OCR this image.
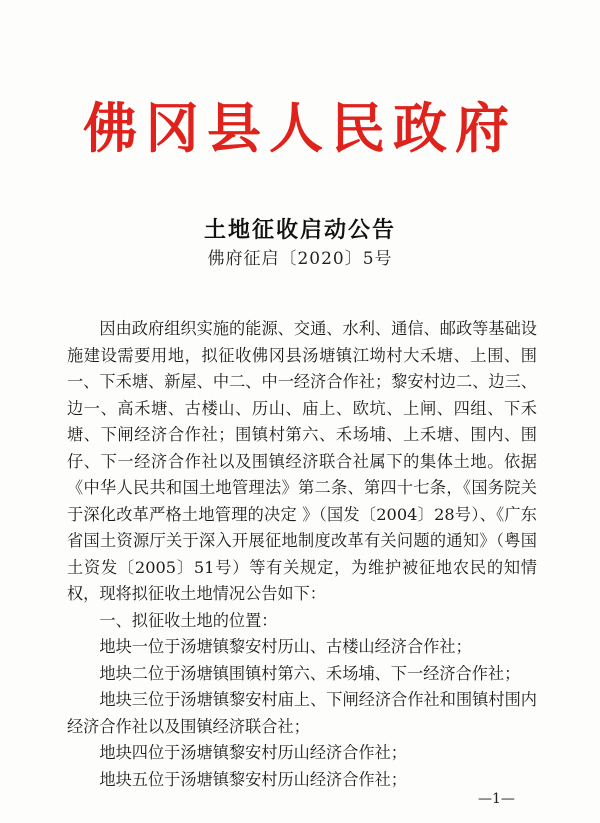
佛冈县人民政府
土地征收启动公告
佛府征启〔2020〕5号

因由政府组织实施的能源、交通、水利、通信、邮政等基础设施建设需要用地，拟征收佛冈县汤塘镇江坳村大禾塘、上围、围一、下禾塘、新屋、中二、中一经济合作社；黎安村边二、边三、边一、高禾塘、古楼山、历山、庙上、欧坑、上闸、四组、下禾塘、下闸经济合作社；围镇村第六、禾场埔、上禾塘、围内、围仔、下一经济合作社以及围镇经济联合社属下的集体土地。依据《中华人民共和国土地管理法》第二条、第四十七条，《国务院关于深化改革严格土地管理的决定 》（国发〔2004〕28号）、《广东省国土资源厅关于深入开展征地制度改革有关问题的通知》（粤国土资发〔2005〕51号）等有关规定，为维护被征地农民的知情权，现将拟征收土地情况公告如下：

一、拟征收土地的位置：

地块一位于汤塘镇黎安村历山、古楼山经济合作社；

地块二位于汤塘镇围镇村第六、禾场埔、下一经济合作社；

地块三位于汤塘镇黎安村庙上、下闸经济合作社和围镇村围内经济合作社以及围镇经济联合社；

地块四位于汤塘镇黎安村历山经济合作社；

地块五位于汤塘镇黎安村历山经济合作社；

—1—
